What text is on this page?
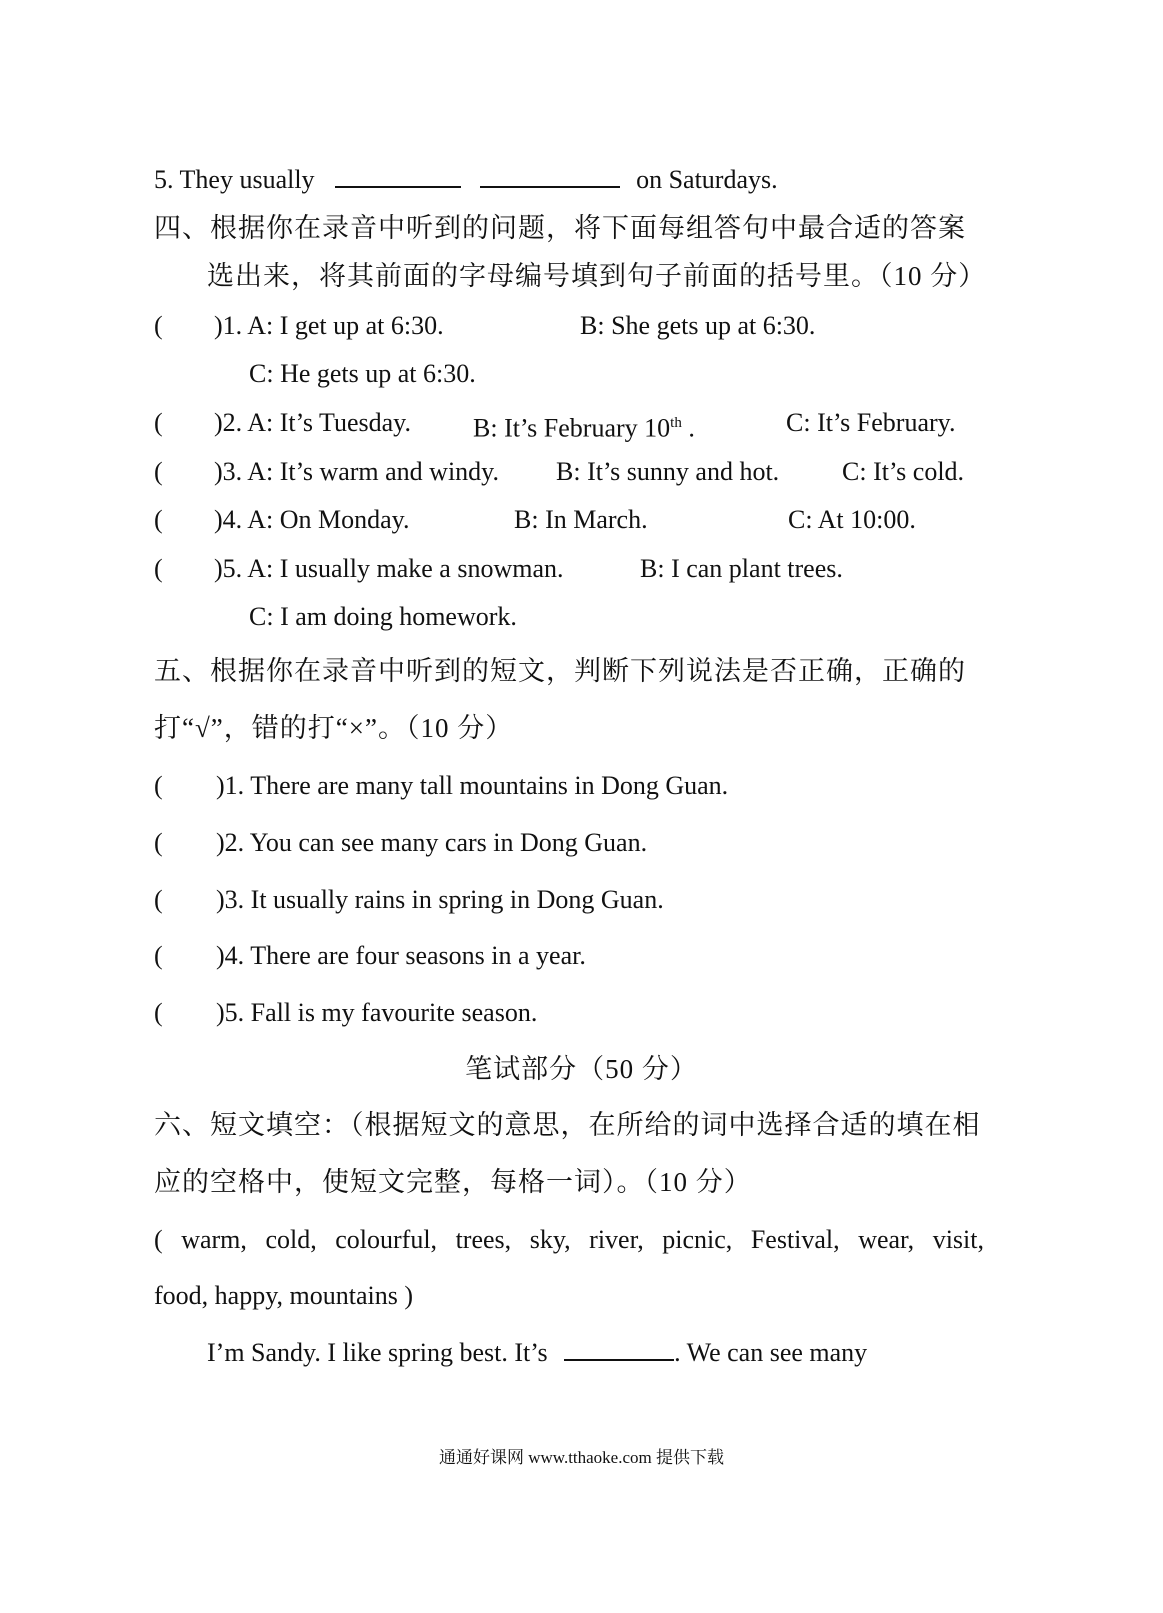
5. They usually	on Saturdays.
四、根据你在录音中听到的问题，将下面每组答句中最合适的答案
选出来，将其前面的字母编号填到句子前面的括号里。（10 分）
( )1. A: I get up at 6:30.	B: She gets up at 6:30.
C: He gets up at 6:30.
( )2. A: It’s Tuesday. B: It’s February 10th .	C: It’s February.
( )3. A: It’s warm and windy. B: It’s sunny and hot. C: It’s cold.
( )4. A: On Monday.	B: In March.	C: At 10:00.
( )5. A: I usually make a snowman.	B: I can plant trees.
C: I am doing homework.
五、根据你在录音中听到的短文，判断下列说法是否正确，正确的
打“√”，错的打“×”。（10 分）
( )1. There are many tall mountains in Dong Guan.
( )2. You can see many cars in Dong Guan.
( )3. It usually rains in spring in Dong Guan.
( )4. There are four seasons in a year.
( )5. Fall is my favourite season.
笔试部分（50 分）
六、短文填空：（根据短文的意思，在所给的词中选择合适的填在相
应的空格中，使短文完整，每格一词）。（10 分）
( warm, cold, colourful, trees, sky, river, picnic, Festival, wear, visit,
food, happy, mountains )
I’m Sandy. I like spring best. It’s	. We can see many
通通好课网 www.tthaoke.com 提供下载
